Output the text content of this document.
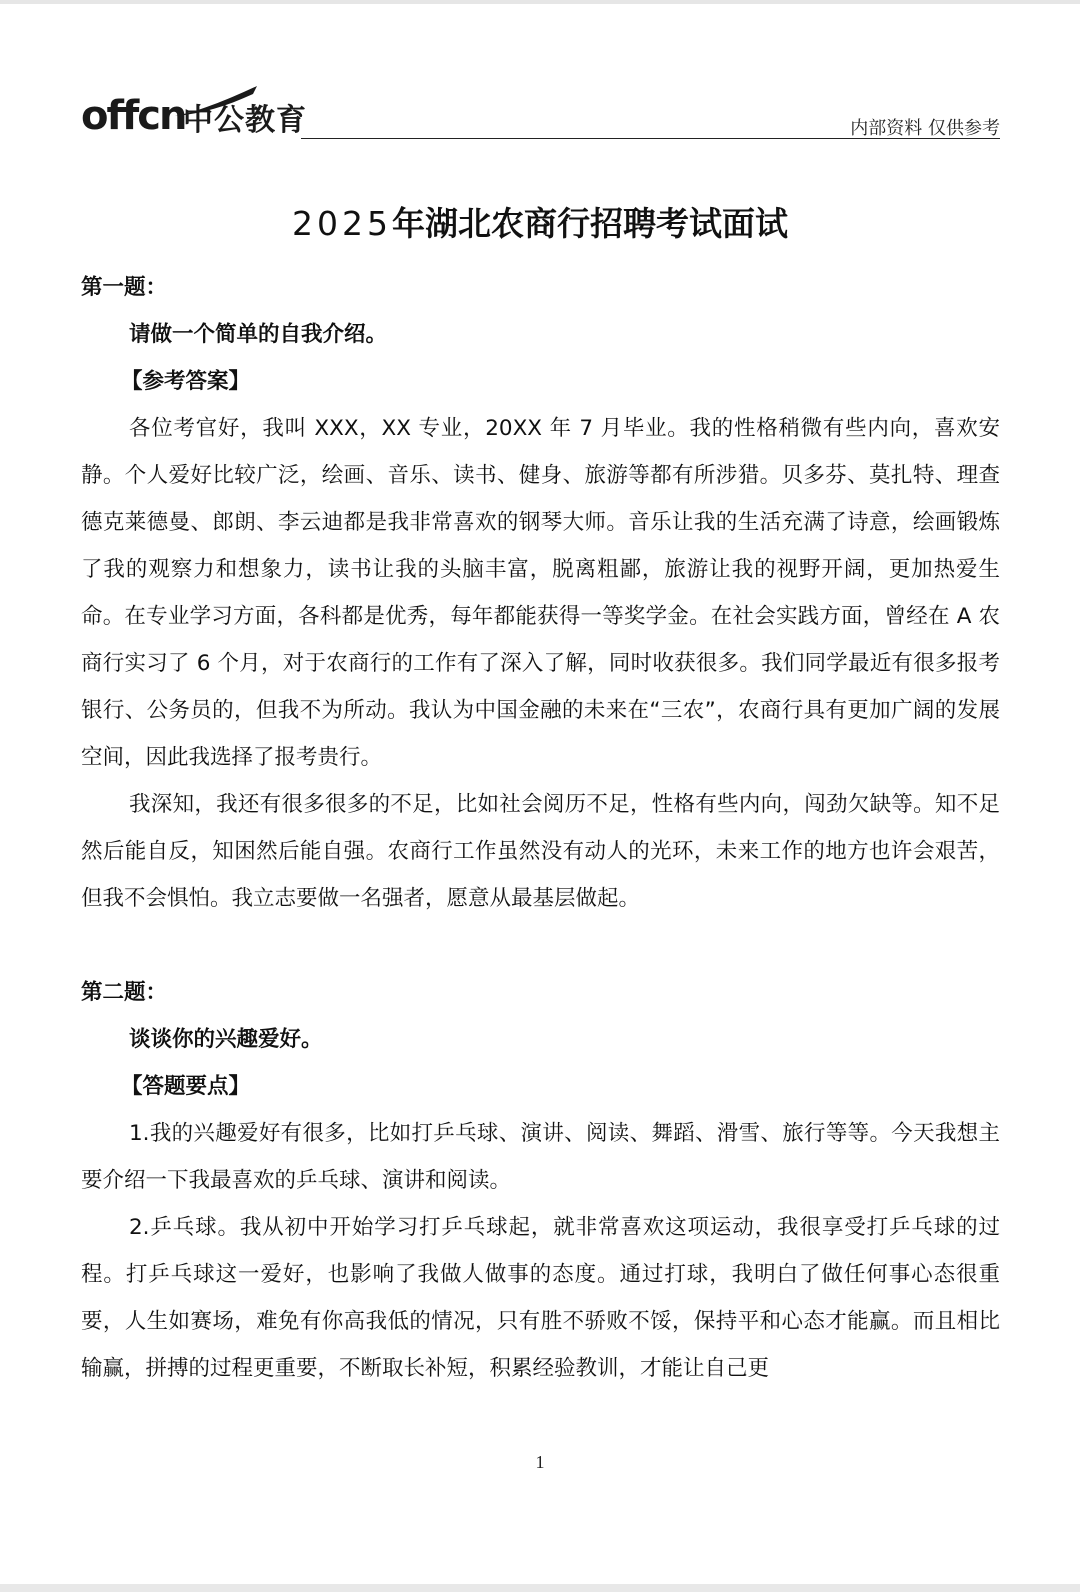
offcn
中公教育	内部资料 仅供参考
2025年湖北农商行招聘考试面试

第一题：

请做一个简单的自我介绍。

【参考答案】

各位考官好，我叫 XXX，XX 专业，20XX 年 7 月毕业。我的性格稍微有些内向，喜欢安静。个人爱好比较广泛，绘画、音乐、读书、健身、旅游等都有所涉猎。贝多芬、莫扎特、理查德克莱德曼、郎朗、李云迪都是我非常喜欢的钢琴大师。音乐让我的生活充满了诗意，绘画锻炼了我的观察力和想象力，读书让我的头脑丰富，脱离粗鄙，旅游让我的视野开阔，更加热爱生命。在专业学习方面，各科都是优秀，每年都能获得一等奖学金。在社会实践方面，曾经在 A 农商行实习了 6 个月，对于农商行的工作有了深入了解，同时收获很多。我们同学最近有很多报考银行、公务员的，但我不为所动。我认为中国金融的未来在“三农”，农商行具有更加广阔的发展空间，因此我选择了报考贵行。

我深知，我还有很多很多的不足，比如社会阅历不足，性格有些内向，闯劲欠缺等。知不足然后能自反，知困然后能自强。农商行工作虽然没有动人的光环，未来工作的地方也许会艰苦，但我不会惧怕。我立志要做一名强者，愿意从最基层做起。

第二题：

谈谈你的兴趣爱好。

【答题要点】

1.我的兴趣爱好有很多，比如打乒乓球、演讲、阅读、舞蹈、滑雪、旅行等等。今天我想主要介绍一下我最喜欢的乒乓球、演讲和阅读。

2.乒乓球。我从初中开始学习打乒乓球起，就非常喜欢这项运动，我很享受打乒乓球的过程。打乒乓球这一爱好，也影响了我做人做事的态度。通过打球，我明白了做任何事心态很重要，人生如赛场，难免有你高我低的情况，只有胜不骄败不馁，保持平和心态才能赢。而且相比输赢，拼搏的过程更重要，不断取长补短，积累经验教训，才能让自己更

1
